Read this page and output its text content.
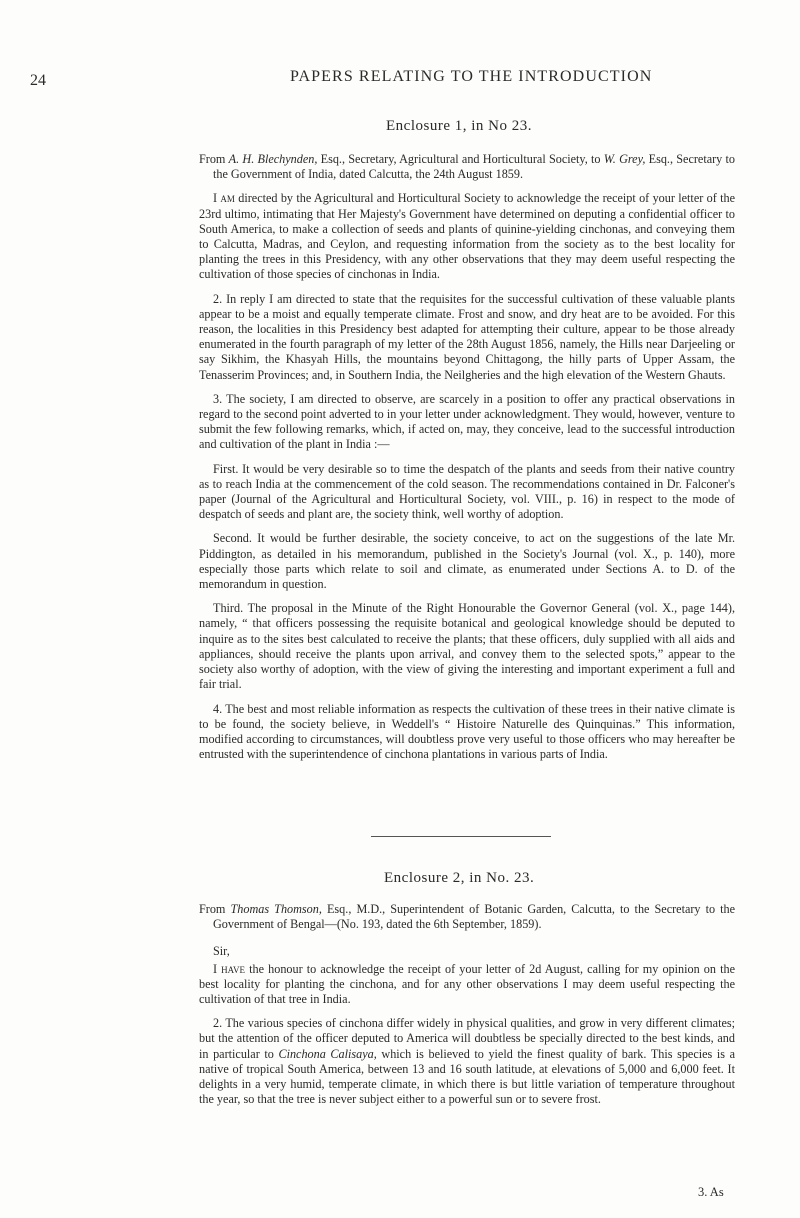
24	PAPERS RELATING TO THE INTRODUCTION
Enclosure 1, in No 23.

From A. H. Blechynden, Esq., Secretary, Agricultural and Horticultural Society, to W. Grey, Esq., Secretary to the Government of India, dated Calcutta, the 24th August 1859.

I am directed by the Agricultural and Horticultural Society to acknowledge the receipt of your letter of the 23rd ultimo, intimating that Her Majesty's Government have determined on deputing a confidential officer to South America, to make a collection of seeds and plants of quinine-yielding cinchonas, and conveying them to Calcutta, Madras, and Ceylon, and requesting information from the society as to the best locality for planting the trees in this Presidency, with any other observations that they may deem useful respecting the cultivation of those species of cinchonas in India.

2. In reply I am directed to state that the requisites for the successful cultivation of these valuable plants appear to be a moist and equally temperate climate. Frost and snow, and dry heat are to be avoided. For this reason, the localities in this Presidency best adapted for attempting their culture, appear to be those already enumerated in the fourth paragraph of my letter of the 28th August 1856, namely, the Hills near Darjeeling or say Sikhim, the Khasyah Hills, the mountains beyond Chittagong, the hilly parts of Upper Assam, the Tenasserim Provinces; and, in Southern India, the Neilgheries and the high elevation of the Western Ghauts.

3. The society, I am directed to observe, are scarcely in a position to offer any practical observations in regard to the second point adverted to in your letter under acknowledgment. They would, however, venture to submit the few following remarks, which, if acted on, may, they conceive, lead to the successful introduction and cultivation of the plant in India :—

First. It would be very desirable so to time the despatch of the plants and seeds from their native country as to reach India at the commencement of the cold season. The recommendations contained in Dr. Falconer's paper (Journal of the Agricultural and Horticultural Society, vol. VIII., p. 16) in respect to the mode of despatch of seeds and plant are, the society think, well worthy of adoption.

Second. It would be further desirable, the society conceive, to act on the suggestions of the late Mr. Piddington, as detailed in his memorandum, published in the Society's Journal (vol. X., p. 140), more especially those parts which relate to soil and climate, as enumerated under Sections A. to D. of the memorandum in question.

Third. The proposal in the Minute of the Right Honourable the Governor General (vol. X., page 144), namely, “ that officers possessing the requisite botanical and geological knowledge should be deputed to inquire as to the sites best calculated to receive the plants; that these officers, duly supplied with all aids and appliances, should receive the plants upon arrival, and convey them to the selected spots,” appear to the society also worthy of adoption, with the view of giving the interesting and important experiment a full and fair trial.

4. The best and most reliable information as respects the cultivation of these trees in their native climate is to be found, the society believe, in Weddell's “ Histoire Naturelle des Quinquinas.” This information, modified according to circumstances, will doubtless prove very useful to those officers who may hereafter be entrusted with the superintendence of cinchona plantations in various parts of India.

Enclosure 2, in No. 23.

From Thomas Thomson, Esq., M.D., Superintendent of Botanic Garden, Calcutta, to the Secretary to the Government of Bengal—(No. 193, dated the 6th September, 1859).

Sir,

I have the honour to acknowledge the receipt of your letter of 2d August, calling for my opinion on the best locality for planting the cinchona, and for any other observations I may deem useful respecting the cultivation of that tree in India.

2. The various species of cinchona differ widely in physical qualities, and grow in very different climates; but the attention of the officer deputed to America will doubtless be specially directed to the best kinds, and in particular to Cinchona Calisaya, which is believed to yield the finest quality of bark. This species is a native of tropical South America, between 13 and 16 south latitude, at elevations of 5,000 and 6,000 feet. It delights in a very humid, temperate climate, in which there is but little variation of temperature throughout the year, so that the tree is never subject either to a powerful sun or to severe frost.

3. As
